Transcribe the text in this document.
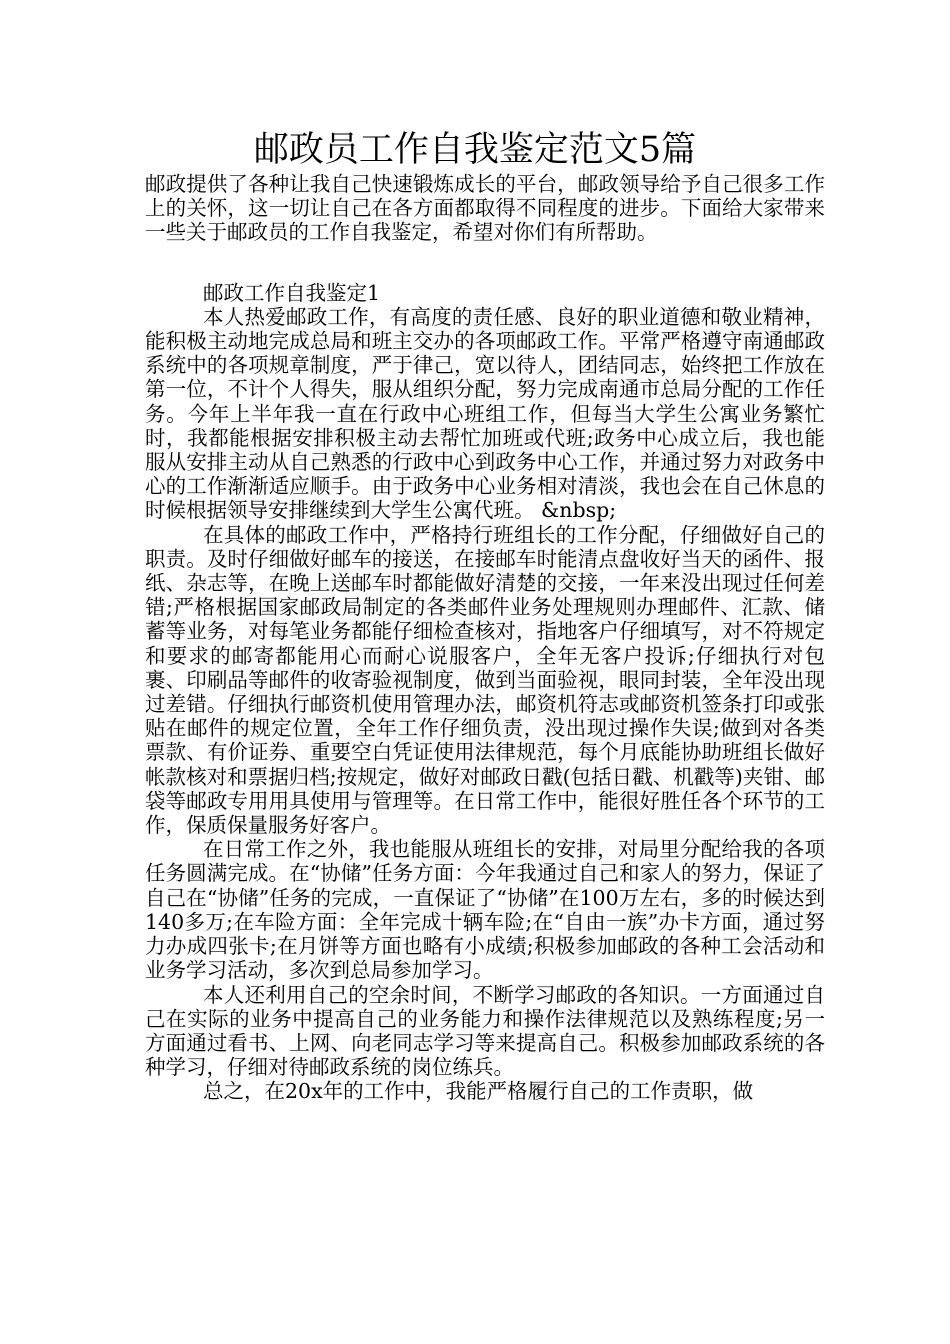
邮政员工作自我鉴定范文5篇

邮政提供了各种让我自己快速锻炼成长的平台，邮政领导给予自己很多工作上的关怀，这一切让自己在各方面都取得不同程度的进步。下面给大家带来一些关于邮政员的工作自我鉴定，希望对你们有所帮助。

邮政工作自我鉴定1

本人热爱邮政工作，有高度的责任感、良好的职业道德和敬业精神，能积极主动地完成总局和班主交办的各项邮政工作。平常严格遵守南通邮政系统中的各项规章制度，严于律己，宽以待人，团结同志，始终把工作放在第一位，不计个人得失，服从组织分配，努力完成南通市总局分配的工作任务。今年上半年我一直在行政中心班组工作，但每当大学生公寓业务繁忙时，我都能根据安排积极主动去帮忙加班或代班;政务中心成立后，我也能服从安排主动从自己熟悉的行政中心到政务中心工作，并通过努力对政务中心的工作渐渐适应顺手。由于政务中心业务相对清淡，我也会在自己休息的时候根据领导安排继续到大学生公寓代班。 &nbsp;

在具体的邮政工作中，严格持行班组长的工作分配，仔细做好自己的职责。及时仔细做好邮车的接送，在接邮车时能清点盘收好当天的函件、报纸、杂志等，在晚上送邮车时都能做好清楚的交接，一年来没出现过任何差错;严格根据国家邮政局制定的各类邮件业务处理规则办理邮件、汇款、储蓄等业务，对每笔业务都能仔细检查核对，指地客户仔细填写，对不符规定和要求的邮寄都能用心而耐心说服客户，全年无客户投诉;仔细执行对包裹、印刷品等邮件的收寄验视制度，做到当面验视，眼同封装，全年没出现过差错。仔细执行邮资机使用管理办法，邮资机符志或邮资机签条打印或张贴在邮件的规定位置，全年工作仔细负责，没出现过操作失误;做到对各类票款、有价证券、重要空白凭证使用法律规范，每个月底能协助班组长做好帐款核对和票据归档;按规定，做好对邮政日戳(包括日戳、机戳等)夹钳、邮袋等邮政专用用具使用与管理等。在日常工作中，能很好胜任各个环节的工作，保质保量服务好客户。

在日常工作之外，我也能服从班组长的安排，对局里分配给我的各项任务圆满完成。在“协储”任务方面：今年我通过自己和家人的努力，保证了自己在“协储”任务的完成，一直保证了“协储”在100万左右，多的时候达到140多万;在车险方面：全年完成十辆车险;在“自由一族”办卡方面，通过努力办成四张卡;在月饼等方面也略有小成绩;积极参加邮政的各种工会活动和业务学习活动，多次到总局参加学习。

本人还利用自己的空余时间，不断学习邮政的各知识。一方面通过自己在实际的业务中提高自己的业务能力和操作法律规范以及熟练程度;另一方面通过看书、上网、向老同志学习等来提高自己。积极参加邮政系统的各种学习，仔细对待邮政系统的岗位练兵。

总之，在20x年的工作中，我能严格履行自己的工作责职，做
